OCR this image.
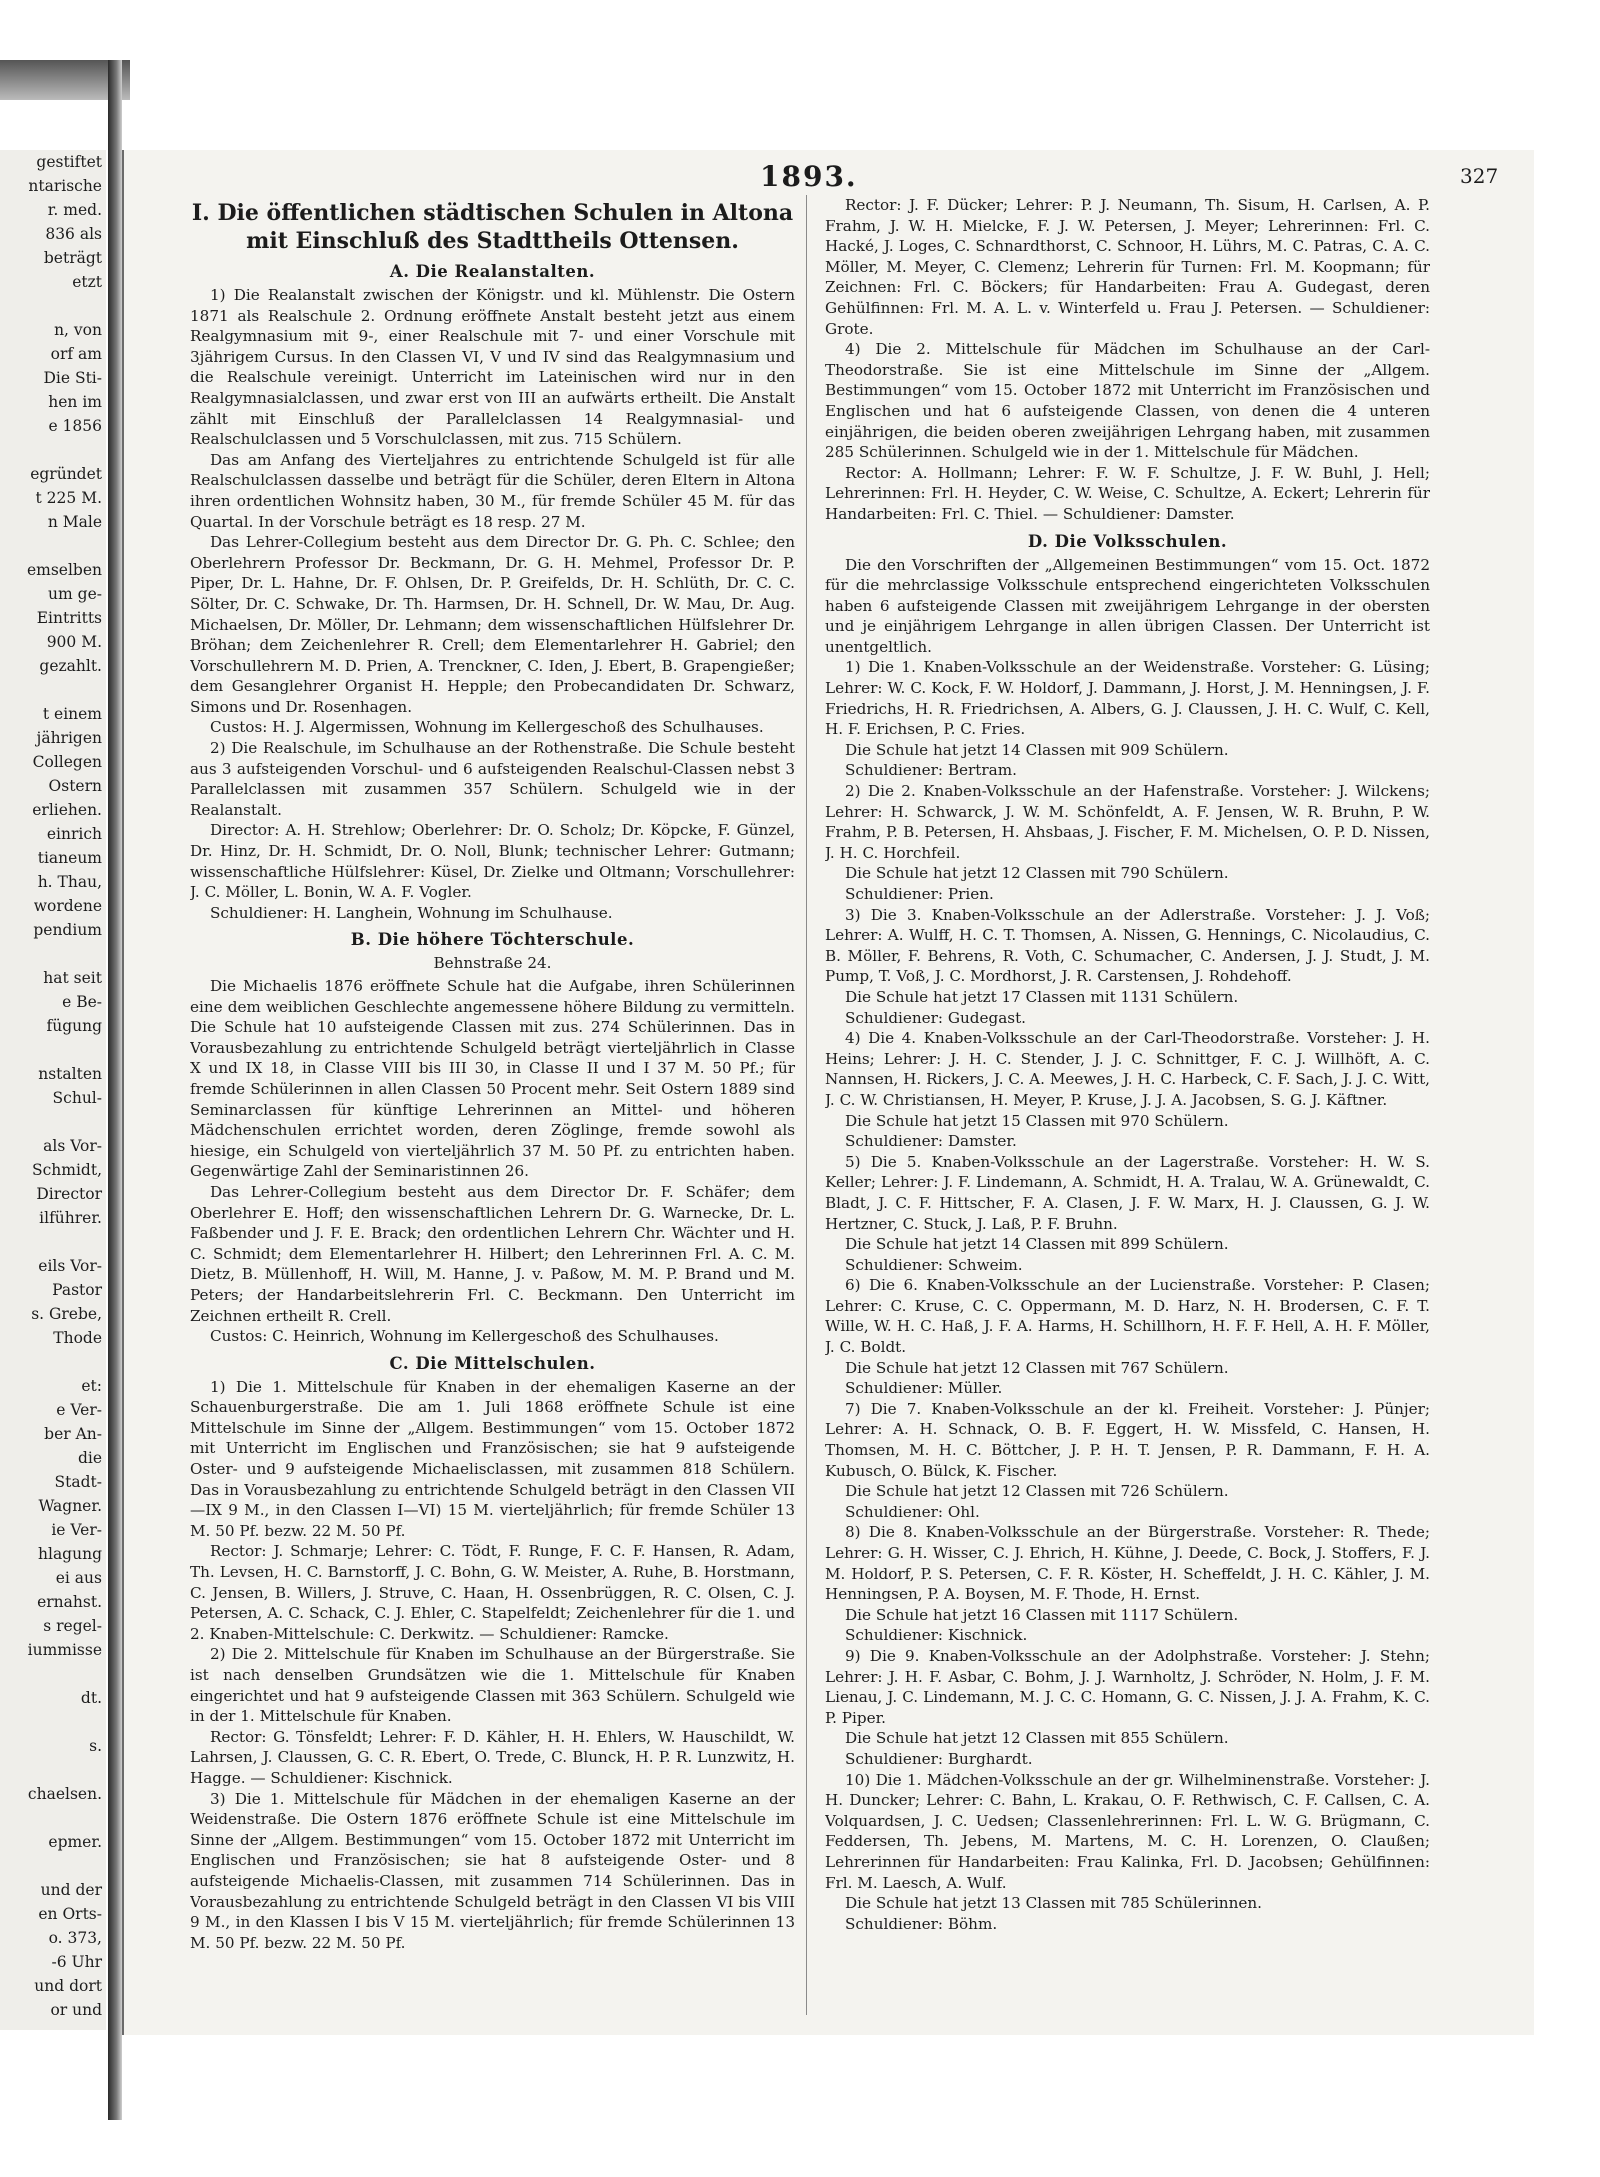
gestiftet
ntarische
r. med.
836 als
beträgt
etzt

n, von
orf am
Die Sti-
hen im
e 1856

egründet
t 225 M.
n Male

emselben
um ge-
Eintritts
900 M.
gezahlt.

t einem
jährigen
Collegen
Ostern
erliehen.
einrich
tianeum
h. Thau,
wordene
pendium

hat seit
e Be-
fügung

nstalten
Schul-

als Vor-
Schmidt,
Director
ilführer.

eils Vor-
Pastor
s. Grebe,
Thode

et:
e Ver-
ber An-
die
Stadt-
Wagner.
ie Ver-
hlagung
ei aus
ernahst.
s regel-
iummisse

dt.

s.

chaelsen.

epmer.

und der
en Orts-
o. 373,
-6 Uhr
und dort
or und
1893.	327
I. Die öffentlichen städtischen Schulen in Altona mit Einschluß des Stadttheils Ottensen.
A. Die Realanstalten.

1) Die Realanstalt zwischen der Königstr. und kl. Mühlenstr. Die Ostern 1871 als Realschule 2. Ordnung eröffnete Anstalt besteht jetzt aus einem Realgymnasium mit 9-, einer Realschule mit 7- und einer Vorschule mit 3jährigem Cursus. In den Classen VI, V und IV sind das Realgymnasium und die Realschule vereinigt. Unterricht im Lateinischen wird nur in den Realgymnasialclassen, und zwar erst von III an aufwärts ertheilt. Die Anstalt zählt mit Einschluß der Parallelclassen 14 Realgymnasial- und Realschulclassen und 5 Vorschulclassen, mit zus. 715 Schülern.

Das am Anfang des Vierteljahres zu entrichtende Schulgeld ist für alle Realschulclassen dasselbe und beträgt für die Schüler, deren Eltern in Altona ihren ordentlichen Wohnsitz haben, 30 M., für fremde Schüler 45 M. für das Quartal. In der Vorschule beträgt es 18 resp. 27 M.

Das Lehrer-Collegium besteht aus dem Director Dr. G. Ph. C. Schlee; den Oberlehrern Professor Dr. Beckmann, Dr. G. H. Mehmel, Professor Dr. P. Piper, Dr. L. Hahne, Dr. F. Ohlsen, Dr. P. Greifelds, Dr. H. Schlüth, Dr. C. C. Sölter, Dr. C. Schwake, Dr. Th. Harmsen, Dr. H. Schnell, Dr. W. Mau, Dr. Aug. Michaelsen, Dr. Möller, Dr. Lehmann; dem wissenschaftlichen Hülfslehrer Dr. Bröhan; dem Zeichenlehrer R. Crell; dem Elementarlehrer H. Gabriel; den Vorschullehrern M. D. Prien, A. Trenckner, C. Iden, J. Ebert, B. Grapengießer; dem Gesanglehrer Organist H. Hepple; den Probecandidaten Dr. Schwarz, Simons und Dr. Rosenhagen.

Custos: H. J. Algermissen, Wohnung im Kellergeschoß des Schulhauses.

2) Die Realschule, im Schulhause an der Rothenstraße. Die Schule besteht aus 3 aufsteigenden Vorschul- und 6 aufsteigenden Realschul-Classen nebst 3 Parallelclassen mit zusammen 357 Schülern. Schulgeld wie in der Realanstalt.

Director: A. H. Strehlow; Oberlehrer: Dr. O. Scholz; Dr. Köpcke, F. Günzel, Dr. Hinz, Dr. H. Schmidt, Dr. O. Noll, Blunk; technischer Lehrer: Gutmann; wissenschaftliche Hülfslehrer: Küsel, Dr. Zielke und Oltmann; Vorschullehrer: J. C. Möller, L. Bonin, W. A. F. Vogler.

Schuldiener: H. Langhein, Wohnung im Schulhause.

B. Die höhere Töchterschule.
Behnstraße 24.

Die Michaelis 1876 eröffnete Schule hat die Aufgabe, ihren Schülerinnen eine dem weiblichen Geschlechte angemessene höhere Bildung zu vermitteln. Die Schule hat 10 aufsteigende Classen mit zus. 274 Schülerinnen. Das in Vorausbezahlung zu entrichtende Schulgeld beträgt vierteljährlich in Classe X und IX 18, in Classe VIII bis III 30, in Classe II und I 37 M. 50 Pf.; für fremde Schülerinnen in allen Classen 50 Procent mehr. Seit Ostern 1889 sind Seminarclassen für künftige Lehrerinnen an Mittel- und höheren Mädchenschulen errichtet worden, deren Zöglinge, fremde sowohl als hiesige, ein Schulgeld von vierteljährlich 37 M. 50 Pf. zu entrichten haben. Gegenwärtige Zahl der Seminaristinnen 26.

Das Lehrer-Collegium besteht aus dem Director Dr. F. Schäfer; dem Oberlehrer E. Hoff; den wissenschaftlichen Lehrern Dr. G. Warnecke, Dr. L. Faßbender und J. F. E. Brack; den ordentlichen Lehrern Chr. Wächter und H. C. Schmidt; dem Elementarlehrer H. Hilbert; den Lehrerinnen Frl. A. C. M. Dietz, B. Müllenhoff, H. Will, M. Hanne, J. v. Paßow, M. M. P. Brand und M. Peters; der Handarbeitslehrerin Frl. C. Beckmann. Den Unterricht im Zeichnen ertheilt R. Crell.

Custos: C. Heinrich, Wohnung im Kellergeschoß des Schulhauses.

C. Die Mittelschulen.

1) Die 1. Mittelschule für Knaben in der ehemaligen Kaserne an der Schauenburgerstraße. Die am 1. Juli 1868 eröffnete Schule ist eine Mittelschule im Sinne der „Allgem. Bestimmungen“ vom 15. October 1872 mit Unterricht im Englischen und Französischen; sie hat 9 aufsteigende Oster- und 9 aufsteigende Michaelisclassen, mit zusammen 818 Schülern. Das in Vorausbezahlung zu entrichtende Schulgeld beträgt in den Classen VII—IX 9 M., in den Classen I—VI) 15 M. vierteljährlich; für fremde Schüler 13 M. 50 Pf. bezw. 22 M. 50 Pf.

Rector: J. Schmarje; Lehrer: C. Tödt, F. Runge, F. C. F. Hansen, R. Adam, Th. Levsen, H. C. Barnstorff, J. C. Bohn, G. W. Meister, A. Ruhe, B. Horstmann, C. Jensen, B. Willers, J. Struve, C. Haan, H. Ossenbrüggen, R. C. Olsen, C. J. Petersen, A. C. Schack, C. J. Ehler, C. Stapelfeldt; Zeichenlehrer für die 1. und 2. Knaben-Mittelschule: C. Derkwitz. — Schuldiener: Ramcke.

2) Die 2. Mittelschule für Knaben im Schulhause an der Bürgerstraße. Sie ist nach denselben Grundsätzen wie die 1. Mittelschule für Knaben eingerichtet und hat 9 aufsteigende Classen mit 363 Schülern. Schulgeld wie in der 1. Mittelschule für Knaben.

Rector: G. Tönsfeldt; Lehrer: F. D. Kähler, H. H. Ehlers, W. Hauschildt, W. Lahrsen, J. Claussen, G. C. R. Ebert, O. Trede, C. Blunck, H. P. R. Lunzwitz, H. Hagge. — Schuldiener: Kischnick.

3) Die 1. Mittelschule für Mädchen in der ehemaligen Kaserne an der Weidenstraße. Die Ostern 1876 eröffnete Schule ist eine Mittelschule im Sinne der „Allgem. Bestimmungen“ vom 15. October 1872 mit Unterricht im Englischen und Französischen; sie hat 8 aufsteigende Oster- und 8 aufsteigende Michaelis-Classen, mit zusammen 714 Schülerinnen. Das in Vorausbezahlung zu entrichtende Schulgeld beträgt in den Classen VI bis VIII 9 M., in den Klassen I bis V 15 M. vierteljährlich; für fremde Schülerinnen 13 M. 50 Pf. bezw. 22 M. 50 Pf.

Rector: J. F. Dücker; Lehrer: P. J. Neumann, Th. Sisum, H. Carlsen, A. P. Frahm, J. W. H. Mielcke, F. J. W. Petersen, J. Meyer; Lehrerinnen: Frl. C. Hacké, J. Loges, C. Schnardthorst, C. Schnoor, H. Lührs, M. C. Patras, C. A. C. Möller, M. Meyer, C. Clemenz; Lehrerin für Turnen: Frl. M. Koopmann; für Zeichnen: Frl. C. Böckers; für Handarbeiten: Frau A. Gudegast, deren Gehülfinnen: Frl. M. A. L. v. Winterfeld u. Frau J. Petersen. — Schuldiener: Grote.

4) Die 2. Mittelschule für Mädchen im Schulhause an der Carl-Theodorstraße. Sie ist eine Mittelschule im Sinne der „Allgem. Bestimmungen“ vom 15. October 1872 mit Unterricht im Französischen und Englischen und hat 6 aufsteigende Classen, von denen die 4 unteren einjährigen, die beiden oberen zweijährigen Lehrgang haben, mit zusammen 285 Schülerinnen. Schulgeld wie in der 1. Mittelschule für Mädchen.

Rector: A. Hollmann; Lehrer: F. W. F. Schultze, J. F. W. Buhl, J. Hell; Lehrerinnen: Frl. H. Heyder, C. W. Weise, C. Schultze, A. Eckert; Lehrerin für Handarbeiten: Frl. C. Thiel. — Schuldiener: Damster.

D. Die Volksschulen.

Die den Vorschriften der „Allgemeinen Bestimmungen“ vom 15. Oct. 1872 für die mehrclassige Volksschule entsprechend eingerichteten Volksschulen haben 6 aufsteigende Classen mit zweijährigem Lehrgange in der obersten und je einjährigem Lehrgange in allen übrigen Classen. Der Unterricht ist unentgeltlich.

1) Die 1. Knaben-Volksschule an der Weidenstraße. Vorsteher: G. Lüsing; Lehrer: W. C. Kock, F. W. Holdorf, J. Dammann, J. Horst, J. M. Henningsen, J. F. Friedrichs, H. R. Friedrichsen, A. Albers, G. J. Claussen, J. H. C. Wulf, C. Kell, H. F. Erichsen, P. C. Fries.

Die Schule hat jetzt 14 Classen mit 909 Schülern.

Schuldiener: Bertram.

2) Die 2. Knaben-Volksschule an der Hafenstraße. Vorsteher: J. Wilckens; Lehrer: H. Schwarck, J. W. M. Schönfeldt, A. F. Jensen, W. R. Bruhn, P. W. Frahm, P. B. Petersen, H. Ahsbaas, J. Fischer, F. M. Michelsen, O. P. D. Nissen, J. H. C. Horchfeil.

Die Schule hat jetzt 12 Classen mit 790 Schülern.

Schuldiener: Prien.

3) Die 3. Knaben-Volksschule an der Adlerstraße. Vorsteher: J. J. Voß; Lehrer: A. Wulff, H. C. T. Thomsen, A. Nissen, G. Hennings, C. Nicolaudius, C. B. Möller, F. Behrens, R. Voth, C. Schumacher, C. Andersen, J. J. Studt, J. M. Pump, T. Voß, J. C. Mordhorst, J. R. Carstensen, J. Rohdehoff.

Die Schule hat jetzt 17 Classen mit 1131 Schülern.

Schuldiener: Gudegast.

4) Die 4. Knaben-Volksschule an der Carl-Theodorstraße. Vorsteher: J. H. Heins; Lehrer: J. H. C. Stender, J. J. C. Schnittger, F. C. J. Willhöft, A. C. Nannsen, H. Rickers, J. C. A. Meewes, J. H. C. Harbeck, C. F. Sach, J. J. C. Witt, J. C. W. Christiansen, H. Meyer, P. Kruse, J. J. A. Jacobsen, S. G. J. Käftner.

Die Schule hat jetzt 15 Classen mit 970 Schülern.

Schuldiener: Damster.

5) Die 5. Knaben-Volksschule an der Lagerstraße. Vorsteher: H. W. S. Keller; Lehrer: J. F. Lindemann, A. Schmidt, H. A. Tralau, W. A. Grünewaldt, C. Bladt, J. C. F. Hittscher, F. A. Clasen, J. F. W. Marx, H. J. Claussen, G. J. W. Hertzner, C. Stuck, J. Laß, P. F. Bruhn.

Die Schule hat jetzt 14 Classen mit 899 Schülern.

Schuldiener: Schweim.

6) Die 6. Knaben-Volksschule an der Lucienstraße. Vorsteher: P. Clasen; Lehrer: C. Kruse, C. C. Oppermann, M. D. Harz, N. H. Brodersen, C. F. T. Wille, W. H. C. Haß, J. F. A. Harms, H. Schillhorn, H. F. F. Hell, A. H. F. Möller, J. C. Boldt.

Die Schule hat jetzt 12 Classen mit 767 Schülern.

Schuldiener: Müller.

7) Die 7. Knaben-Volksschule an der kl. Freiheit. Vorsteher: J. Pünjer; Lehrer: A. H. Schnack, O. B. F. Eggert, H. W. Missfeld, C. Hansen, H. Thomsen, M. H. C. Böttcher, J. P. H. T. Jensen, P. R. Dammann, F. H. A. Kubusch, O. Bülck, K. Fischer.

Die Schule hat jetzt 12 Classen mit 726 Schülern.

Schuldiener: Ohl.

8) Die 8. Knaben-Volksschule an der Bürgerstraße. Vorsteher: R. Thede; Lehrer: G. H. Wisser, C. J. Ehrich, H. Kühne, J. Deede, C. Bock, J. Stoffers, F. J. M. Holdorf, P. S. Petersen, C. F. R. Köster, H. Scheffeldt, J. H. C. Kähler, J. M. Henningsen, P. A. Boysen, M. F. Thode, H. Ernst.

Die Schule hat jetzt 16 Classen mit 1117 Schülern.

Schuldiener: Kischnick.

9) Die 9. Knaben-Volksschule an der Adolphstraße. Vorsteher: J. Stehn; Lehrer: J. H. F. Asbar, C. Bohm, J. J. Warnholtz, J. Schröder, N. Holm, J. F. M. Lienau, J. C. Lindemann, M. J. C. C. Homann, G. C. Nissen, J. J. A. Frahm, K. C. P. Piper.

Die Schule hat jetzt 12 Classen mit 855 Schülern.

Schuldiener: Burghardt.

10) Die 1. Mädchen-Volksschule an der gr. Wilhelminenstraße. Vorsteher: J. H. Duncker; Lehrer: C. Bahn, L. Krakau, O. F. Rethwisch, C. F. Callsen, C. A. Volquardsen, J. C. Uedsen; Classenlehrerinnen: Frl. L. W. G. Brügmann, C. Feddersen, Th. Jebens, M. Martens, M. C. H. Lorenzen, O. Claußen; Lehrerinnen für Handarbeiten: Frau Kalinka, Frl. D. Jacobsen; Gehülfinnen: Frl. M. Laesch, A. Wulf.

Die Schule hat jetzt 13 Classen mit 785 Schülerinnen.

Schuldiener: Böhm.
